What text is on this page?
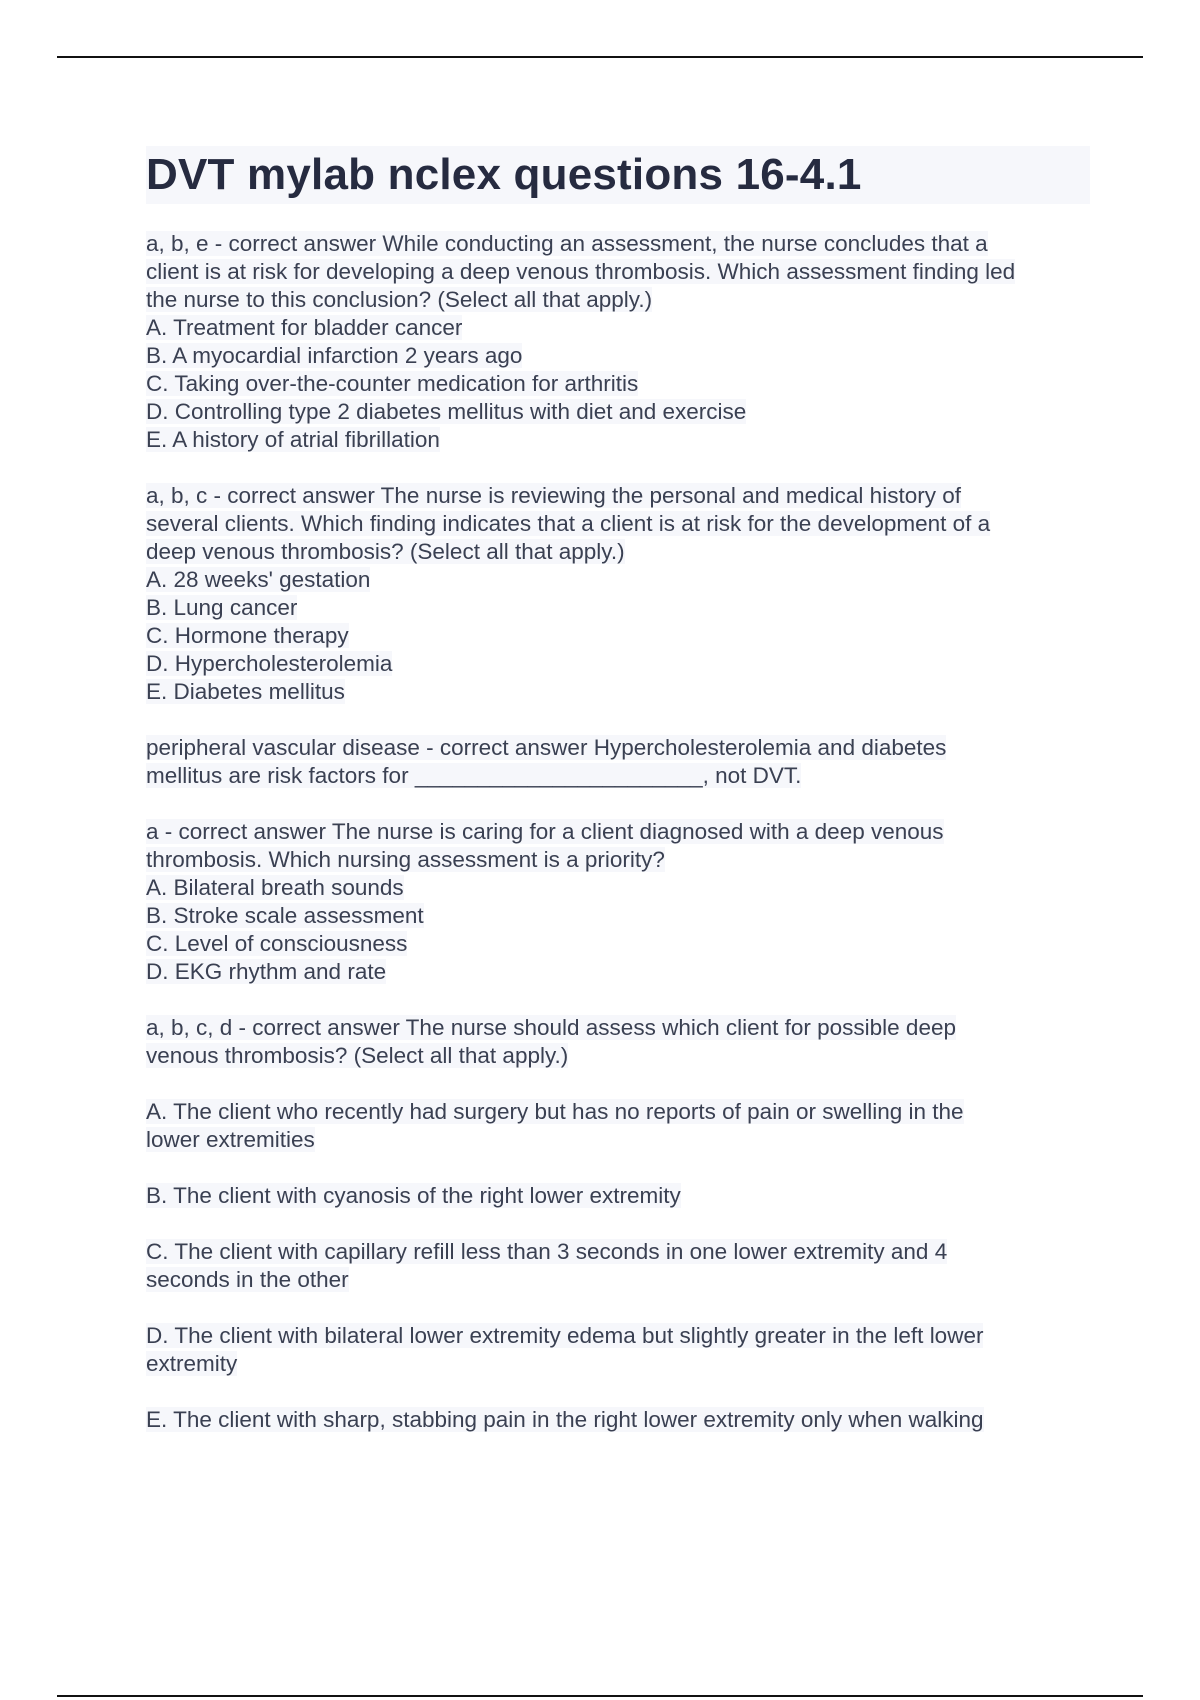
DVT mylab nclex questions 16-4.1
a, b, e - correct answer While conducting an assessment, the nurse concludes that a
client is at risk for developing a deep venous thrombosis. Which assessment finding led
the nurse to this conclusion? (Select all that apply.)
A. Treatment for bladder cancer
B. A myocardial infarction 2 years ago
C. Taking over-the-counter medication for arthritis
D. Controlling type 2 diabetes mellitus with diet and exercise
E. A history of atrial fibrillation
a, b, c - correct answer The nurse is reviewing the personal and medical history of
several clients. Which finding indicates that a client is at risk for the development of a
deep venous thrombosis? (Select all that apply.)
A. 28 weeks' gestation
B. Lung cancer
C. Hormone therapy
D. Hypercholesterolemia
E. Diabetes mellitus
peripheral vascular disease - correct answer Hypercholesterolemia and diabetes
mellitus are risk factors for _______________________, not DVT.
a - correct answer The nurse is caring for a client diagnosed with a deep venous
thrombosis. Which nursing assessment is a priority?
A. Bilateral breath sounds
B. Stroke scale assessment
C. Level of consciousness
D. EKG rhythm and rate
a, b, c, d - correct answer The nurse should assess which client for possible deep
venous thrombosis? (Select all that apply.)
A. The client who recently had surgery but has no reports of pain or swelling in the
lower extremities
B. The client with cyanosis of the right lower extremity
C. The client with capillary refill less than 3 seconds in one lower extremity and 4
seconds in the other
D. The client with bilateral lower extremity edema but slightly greater in the left lower
extremity
E. The client with sharp, stabbing pain in the right lower extremity only when walking
